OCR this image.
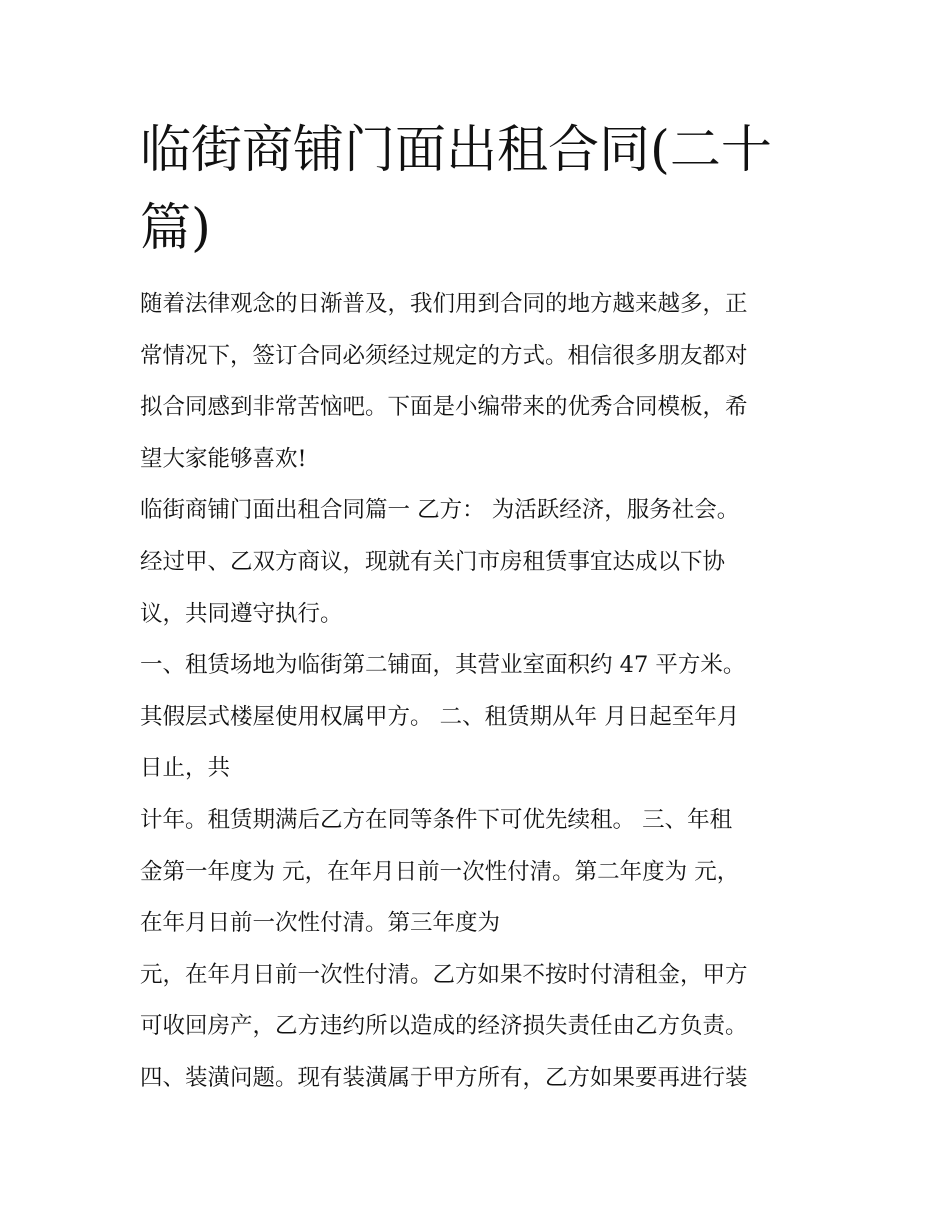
临街商铺门面出租合同(二十
篇)
随着法律观念的日渐普及，我们用到合同的地方越来越多，正
常情况下，签订合同必须经过规定的方式。相信很多朋友都对
拟合同感到非常苦恼吧。下面是小编带来的优秀合同模板，希
望大家能够喜欢!
临街商铺门面出租合同篇一 乙方： 为活跃经济，服务社会。
经过甲、乙双方商议，现就有关门市房租赁事宜达成以下协
议，共同遵守执行。
一、租赁场地为临街第二铺面，其营业室面积约 47 平方米。
其假层式楼屋使用权属甲方。 二、租赁期从年 月日起至年月
日止，共
计年。租赁期满后乙方在同等条件下可优先续租。 三、年租
金第一年度为 元，在年月日前一次性付清。第二年度为 元，
在年月日前一次性付清。第三年度为
元，在年月日前一次性付清。乙方如果不按时付清租金，甲方
可收回房产，乙方违约所以造成的经济损失责任由乙方负责。
四、装潢问题。现有装潢属于甲方所有，乙方如果要再进行装
